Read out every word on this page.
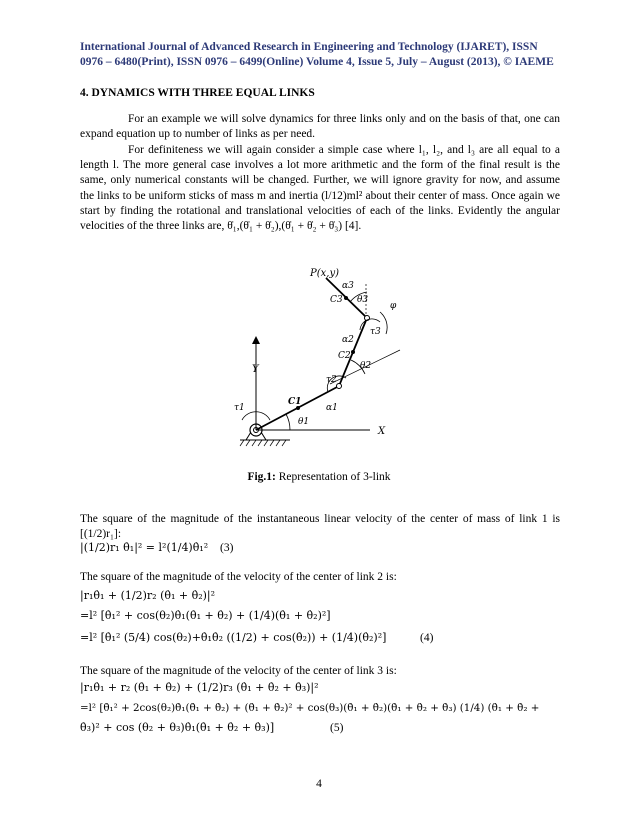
International Journal of Advanced Research in Engineering and Technology (IJARET), ISSN 0976 – 6480(Print), ISSN 0976 – 6499(Online) Volume 4, Issue 5, July – August (2013), © IAEME
4. DYNAMICS WITH THREE EQUAL LINKS

For an example we will solve dynamics for three links only and on the basis of that, one can expand equation up to number of links as per need.

For definiteness we will again consider a simple case where l₁, l₂, and l₃ are all equal to a length l. The more general case involves a lot more arithmetic and the form of the final result is the same, only numerical constants will be changed. Further, we will ignore gravity for now, and assume the links to be uniform sticks of mass m and inertia (l/12)ml² about their center of mass. Once again we start by finding the rotational and translational velocities of each of the links. Evidently the angular velocities of the three links are, θ̇₁,(θ̇₁ + θ̇₂),(θ̇₁ + θ̇₂ + θ̇₃) [4].

P(x,y)
α3
C3 θ3
φ
τ3
α2
C2
θ2
τ2
α1
C1
θ1
τ1
Y
X
Fig.1: Representation of 3-link

The square of the magnitude of the instantaneous linear velocity of the center of mass of link 1 is [(1/2)r₁]:

|(1/2)r₁ θ̇₁|² = l²(1/4)θ̇₁² (3)

The square of the magnitude of the velocity of the center of link 2 is:

|r₁θ̇₁ + (1/2)r₂ (θ̇₁ + θ̇₂)|²
=l² [θ̇₁² + cos(θ₂)θ̇₁(θ̇₁ + θ̇₂) + (1/4)(θ̇₁ + θ̇₂)²]
=l² [θ̇₁² (5/4) cos(θ₂)+θ̇₁θ̇₂ ((1/2) + cos(θ̇₂)) + (1/4)(θ̇₂)²]	(4)

The square of the magnitude of the velocity of the center of link 3 is:

|r₁θ̇₁ + r₂ (θ̇₁ + θ̇₂) + (1/2)r₃ (θ̇₁ + θ̇₂ + θ̇₃)|²
=l² [θ̇₁² + 2cos(θ₂)θ̇₁(θ̇₁ + θ̇₂) + (θ̇₁ + θ̇₂)² + cos(θ₃)(θ̇₁ + θ̇₂)(θ̇₁ + θ̇₂ + θ̇₃) (1/4) (θ̇₁ + θ̇₂ +
θ̇₃)² + cos (θ₂ + θ₃)θ̇₁(θ̇₁ + θ̇₂ + θ̇₃)]	(5)
4
